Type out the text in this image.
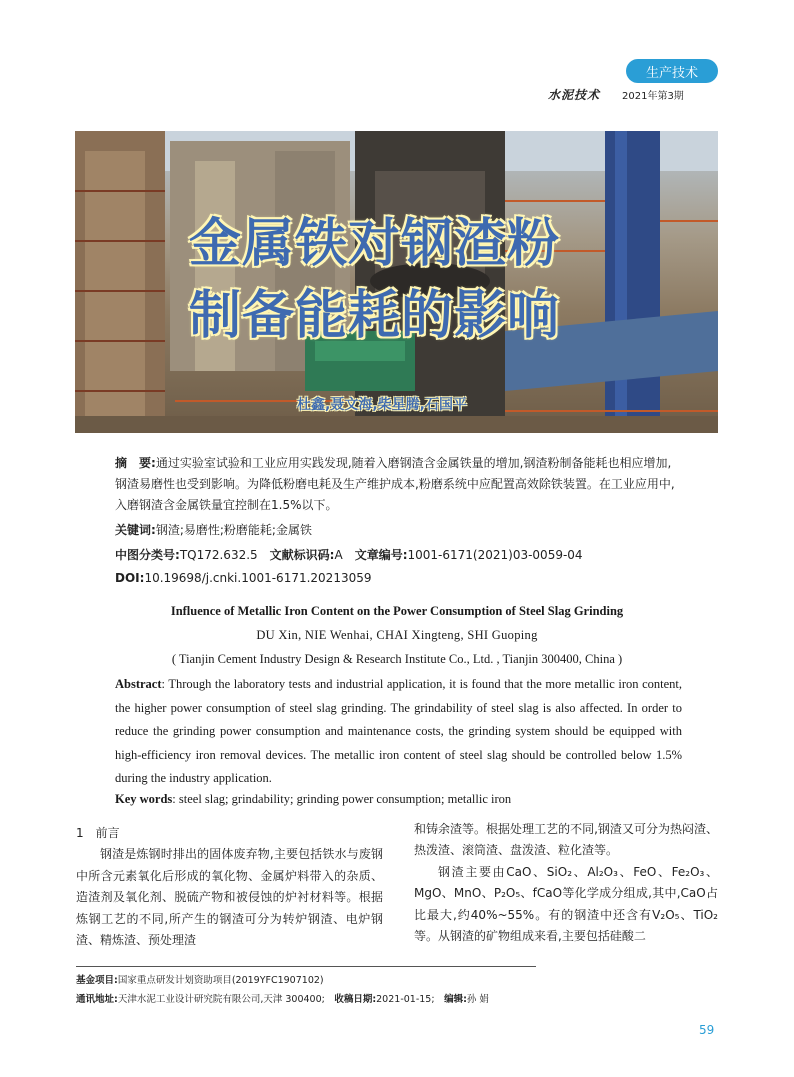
生产技术
水泥技术 2021年第3期
金属铁对钢渣粉
制备能耗的影响
杜鑫,聂文海,柴星腾,石国平
摘　要:通过实验室试验和工业应用实践发现,随着入磨钢渣含金属铁量的增加,钢渣粉制备能耗也相应增加,钢渣易磨性也受到影响。为降低粉磨电耗及生产维护成本,粉磨系统中应配置高效除铁装置。在工业应用中,入磨钢渣含金属铁量宜控制在1.5%以下。
关键词:钢渣;易磨性;粉磨能耗;金属铁
中图分类号:TQ172.632.5  文献标识码:A  文章编号:1001-6171(2021)03-0059-04
DOI:10.19698/j.cnki.1001-6171.20213059
Influence of Metallic Iron Content on the Power Consumption of Steel Slag Grinding
DU Xin, NIE Wenhai, CHAI Xingteng, SHI Guoping
( Tianjin Cement Industry Design & Research Institute Co., Ltd. , Tianjin 300400, China )
Abstract: Through the laboratory tests and industrial application, it is found that the more metallic iron content, the higher power consumption of steel slag grinding. The grindability of steel slag is also affected. In order to reduce the grinding power consumption and maintenance costs, the grinding system should be equipped with high-efficiency iron removal devices. The metallic iron content of steel slag should be controlled below 1.5% during the industry application.
Key words: steel slag; grindability; grinding power consumption; metallic iron
1　前言

钢渣是炼钢时排出的固体废弃物,主要包括铁水与废钢中所含元素氧化后形成的氧化物、金属炉料带入的杂质、造渣剂及氧化剂、脱硫产物和被侵蚀的炉衬材料等。根据炼钢工艺的不同,所产生的钢渣可分为转炉钢渣、电炉钢渣、精炼渣、预处理渣

和铸余渣等。根据处理工艺的不同,钢渣又可分为热闷渣、热泼渣、滚筒渣、盘泼渣、粒化渣等。

钢渣主要由CaO、SiO₂、Al₂O₃、FeO、Fe₂O₃、MgO、MnO、P₂O₅、fCaO等化学成分组成,其中,CaO占比最大,约40%~55%。有的钢渣中还含有V₂O₅、TiO₂等。从钢渣的矿物组成来看,主要包括硅酸二

基金项目:国家重点研发计划资助项目(2019YFC1907102)
通讯地址:天津水泥工业设计研究院有限公司,天津 300400;  收稿日期:2021-01-15;  编辑:孙 娟
59
